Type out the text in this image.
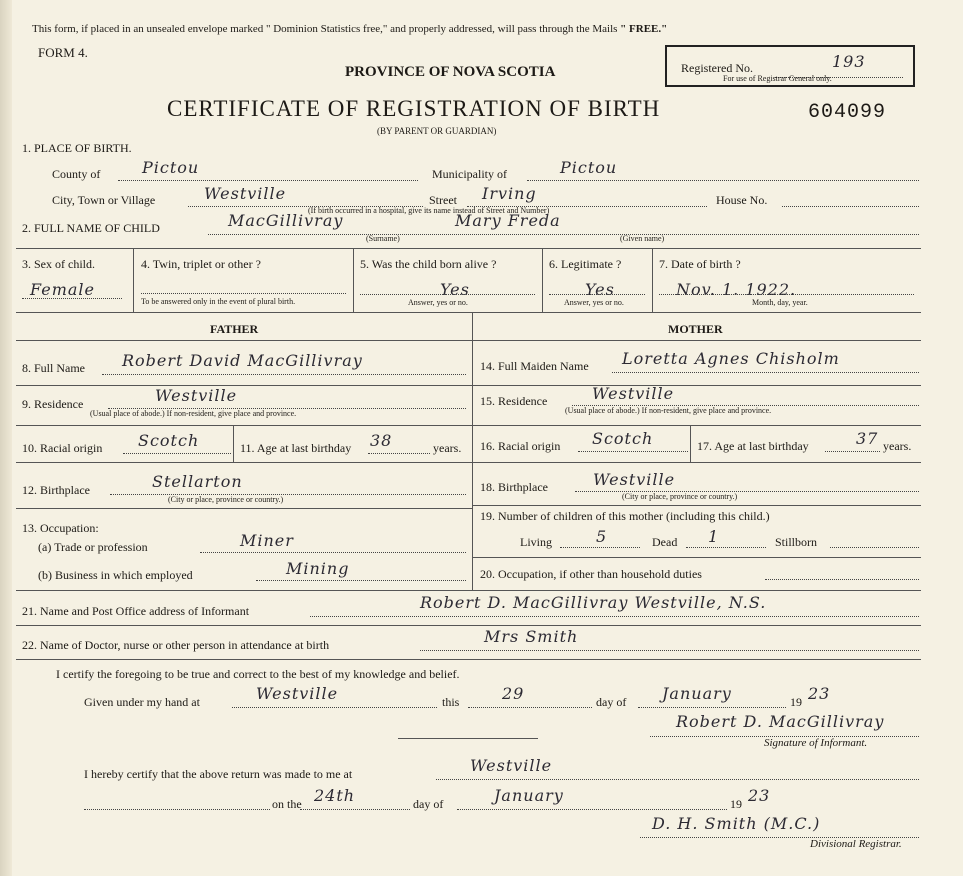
This form, if placed in an unsealed envelope marked " Dominion Statistics free," and properly addressed, will pass through the Mails " FREE."
FORM 4.
PROVINCE OF NOVA SCOTIA
CERTIFICATE OF REGISTRATION OF BIRTH
(BY PARENT OR GUARDIAN)
604099
Registered No.	193
For use of Registrar General only.
1. PLACE OF BIRTH.
County of	Pictou	Municipality of	Pictou
City, Town or Village	Westville	Street Irving	House No.
(If birth occurred in a hospital, give its name instead of Street and Number)
2. FULL NAME OF CHILD	MacGillivray	Mary Freda
(Surname)	(Given name)
3. Sex of child.
Female
4. Twin, triplet or other ?
To be answered only in the event of plural birth.
5. Was the child born alive ?
Yes
Answer, yes or no.
6. Legitimate ?
Yes
Answer, yes or no.
7. Date of birth ?
Nov. 1. 1922.
Month, day, year.
FATHER	MOTHER
8. Full Name Robert David MacGillivray
9. Residence	Westville
(Usual place of abode.) If non-resident, give place and province.
10. Racial origin Scotch	11. Age at last birthday 38	years.
12. Birthplace	Stellarton
(City or place, province or country.)
13. Occupation:
(a) Trade or profession	Miner
(b) Business in which employed	Mining
14. Full Maiden Name Loretta Agnes Chisholm
15. Residence	Westville
(Usual place of abode.) If non-resident, give place and province.
16. Racial origin Scotch	17. Age at last birthday	37 years.
18. Birthplace	Westville
(City or place, province or country.)
19. Number of children of this mother (including this child.)
Living	5	Dead 1	Stillborn
20. Occupation, if other than household duties
21. Name and Post Office address of Informant	Robert D. MacGillivray Westville, N.S.
22. Name of Doctor, nurse or other person in attendance at birth	Mrs Smith
I certify the foregoing to be true and correct to the best of my knowledge and belief.
Given under my hand at	Westville	this	29	day of January	19 23
Robert D. MacGillivray
Signature of Informant.
I hereby certify that the above return was made to me at	Westville
on the 24th	day of	January	19 23
D. H. Smith (M.C.)
Divisional Registrar.
